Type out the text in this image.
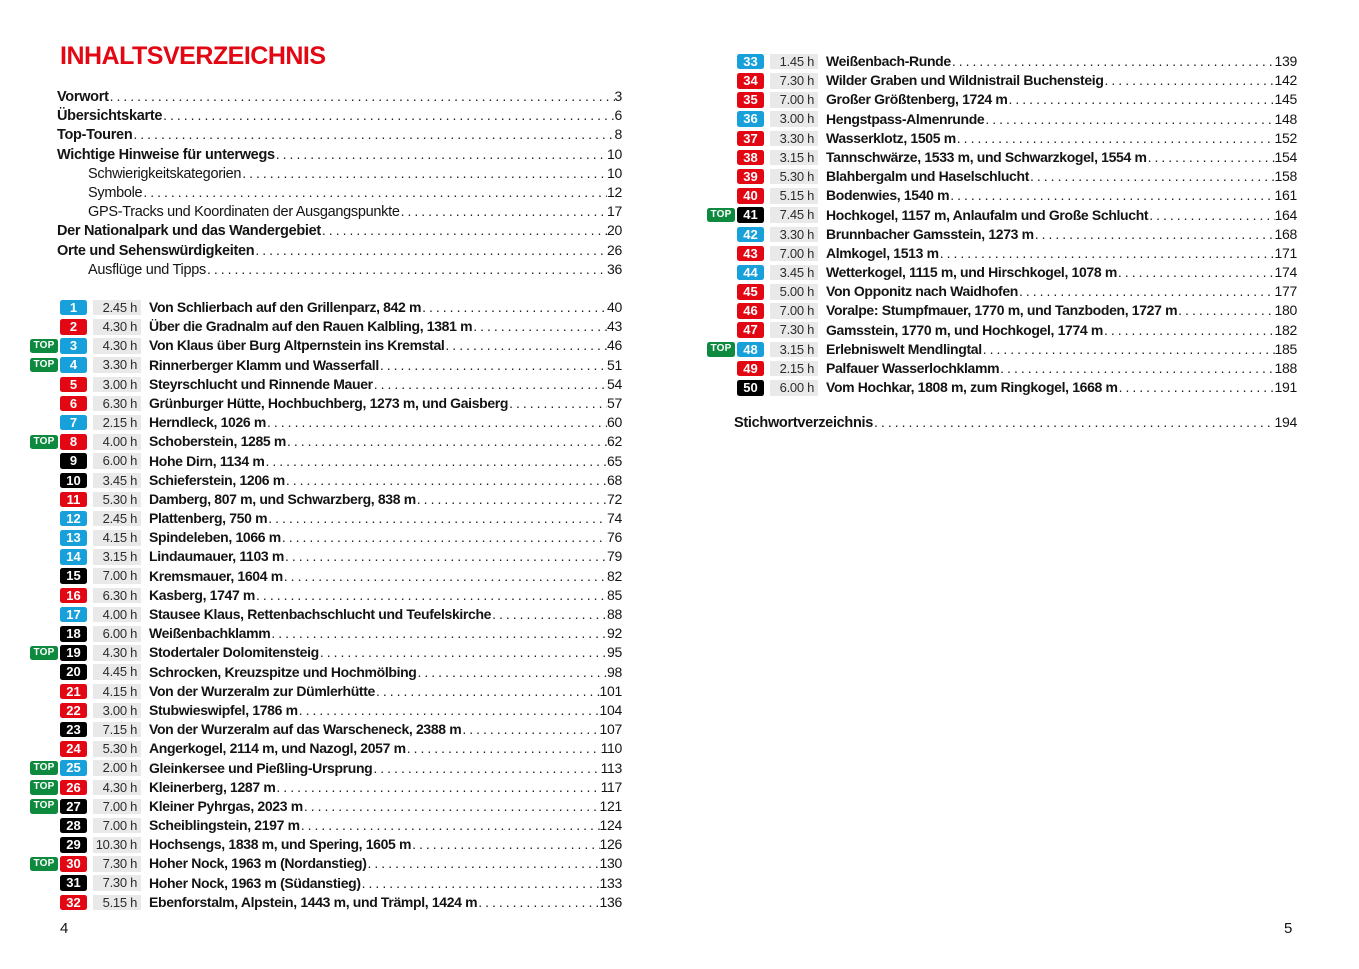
INHALTSVERZEICHNIS
Vorwort .....	3
Übersichtskarte .....	6
Top-Touren .....	8
Wichtige Hinweise für unterwegs .....	10
Schwierigkeitskategorien .....	10
Symbole .....	12
GPS-Tracks und Koordinaten der Ausgangspunkte .....	17
Der Nationalpark und das Wandergebiet .....	20
Orte und Sehenswürdigkeiten .....	26
Ausflüge und Tipps .....	36
1	2.45 h Von Schlierbach auf den Grillenparz, 842 m .....	40
2	4.30 h Über die Gradnalm auf den Rauen Kalbling, 1381 m .....	43
TOP	3	4.30 h Von Klaus über Burg Altpernstein ins Kremstal .....	46
TOP	4	3.30 h Rinnerberger Klamm und Wasserfall .....	51
5	3.00 h Steyrschlucht und Rinnende Mauer .....	54
6	6.30 h Grünburger Hütte, Hochbuchberg, 1273 m, und Gaisberg .....	57
7	2.15 h Herndleck, 1026 m .....	60
TOP	8	4.00 h Schoberstein, 1285 m .....	62
9	6.00 h Hohe Dirn, 1134 m .....	65
10	3.45 h Schieferstein, 1206 m .....	68
11	5.30 h Damberg, 807 m, und Schwarzberg, 838 m .....	72
12	2.45 h Plattenberg, 750 m .....	74
13	4.15 h Spindeleben, 1066 m .....	76
14	3.15 h Lindaumauer, 1103 m .....	79
15	7.00 h Kremsmauer, 1604 m .....	82
16	6.30 h Kasberg, 1747 m .....	85
17	4.00 h Stausee Klaus, Rettenbachschlucht und Teufelskirche .....	88
18	6.00 h Weißenbachklamm .....	92
TOP 19	4.30 h Stodertaler Dolomitensteig .....	95
20	4.45 h Schrocken, Kreuzspitze und Hochmölbing .....	98
21	4.15 h Von der Wurzeralm zur Dümlerhütte .....	101
22	3.00 h Stubwieswipfel, 1786 m .....	104
23	7.15 h Von der Wurzeralm auf das Warscheneck, 2388 m .....	107
24	5.30 h Angerkogel, 2114 m, und Nazogl, 2057 m .....	110
TOP 25	2.00 h Gleinkersee und Pießling-Ursprung .....	113
TOP 26	4.30 h Kleinerberg, 1287 m .....	117
TOP 27	7.00 h Kleiner Pyhrgas, 2023 m .....	121
28	7.00 h Scheiblingstein, 2197 m .....	124
29	10.30 h Hochsengs, 1838 m, und Spering, 1605 m .....	126
TOP 30	7.30 h Hoher Nock, 1963 m (Nordanstieg) .....	130
31	7.30 h Hoher Nock, 1963 m (Südanstieg) .....	133
32	5.15 h Ebenforstalm, Alpstein, 1443 m, und Trämpl, 1424 m .....	136
4
33	1.45 h Weißenbach-Runde .....	139
34	7.30 h Wilder Graben und Wildnistrail Buchensteig .....	142
35	7.00 h Großer Größtenberg, 1724 m .....	145
36	3.00 h Hengstpass-Almenrunde .....	148
37	3.30 h Wasserklotz, 1505 m .....	152
38	3.15 h Tannschwärze, 1533 m, und Schwarzkogel, 1554 m .....	154
39	5.30 h Blahbergalm und Haselschlucht .....	158
40	5.15 h Bodenwies, 1540 m .....	161
TOP 41	7.45 h Hochkogel, 1157 m, Anlaufalm und Große Schlucht .....	164
42	3.30 h Brunnbacher Gamsstein, 1273 m .....	168
43	7.00 h Almkogel, 1513 m .....	171
44	3.45 h Wetterkogel, 1115 m, und Hirschkogel, 1078 m .....	174
45	5.00 h Von Opponitz nach Waidhofen .....	177
46	7.00 h Voralpe: Stumpfmauer, 1770 m, und Tanzboden, 1727 m .....	180
47	7.30 h Gamsstein, 1770 m, und Hochkogel, 1774 m .....	182
TOP 48	3.15 h Erlebniswelt Mendlingtal .....	185
49	2.15 h Palfauer Wasserlochklamm .....	188
50	6.00 h Vom Hochkar, 1808 m, zum Ringkogel, 1668 m .....	191
Stichwortverzeichnis .....	194
5
